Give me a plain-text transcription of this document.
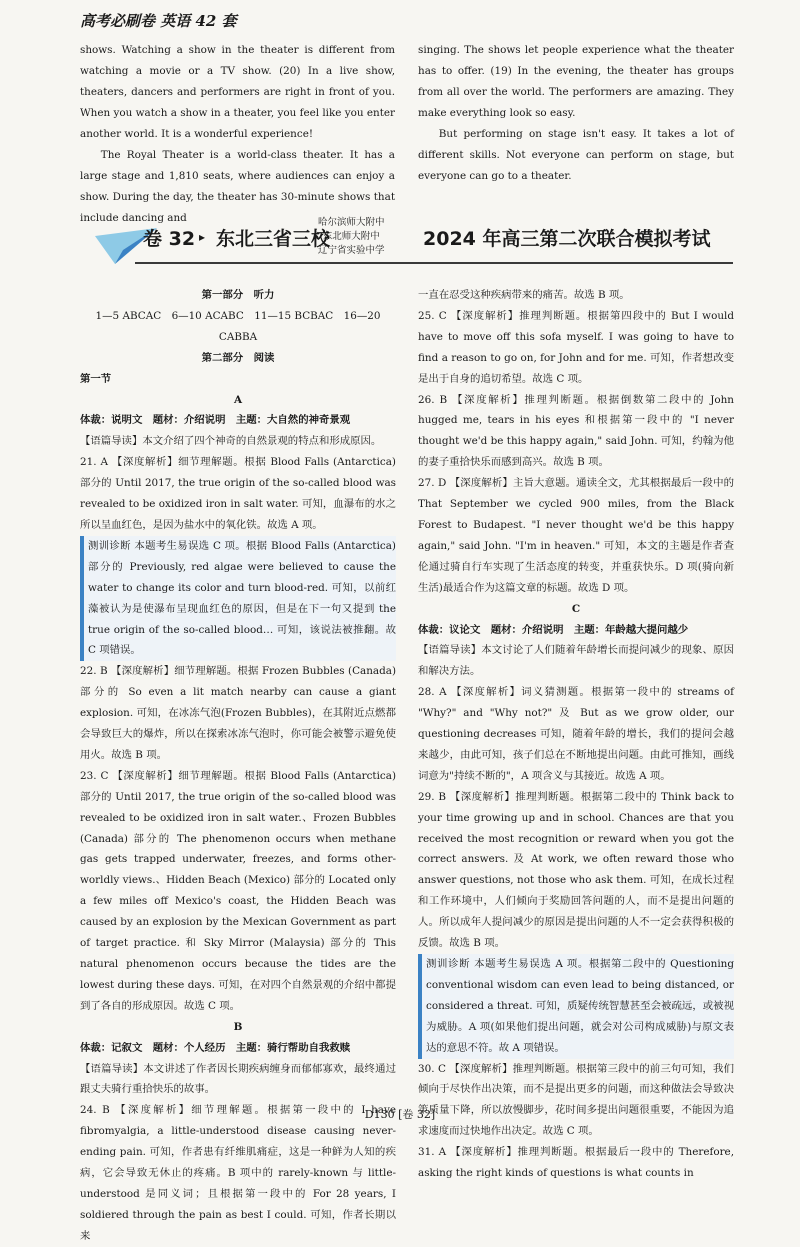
高考必刷卷 英语 42 套

shows. Watching a show in the theater is different from watching a movie or a TV show. (20) In a live show, theaters, dancers and performers are right in front of you. When you watch a show in a theater, you feel like you enter another world. It is a wonderful experience!

The Royal Theater is a world-class theater. It has a large stage and 1,810 seats, where audiences can enjoy a show. During the day, the theater has 30-minute shows that include dancing and

singing. The shows let people experience what the theater has to offer. (19) In the evening, the theater has groups from all over the world. The performers are amazing. They make everything look so easy.

But performing on stage isn't easy. It takes a lot of different skills. Not everyone can perform on stage, but everyone can go to a theater.

卷 32 ▸ 东北三省三校
哈尔滨师大附中
东北师大附中
辽宁省实验中学
2024 年高三第二次联合模拟考试

第一部分　听力

1—5 ABCAC　6—10 ACABC　11—15 BCBAC　16—20 CABBA

第二部分　阅读

第一节

A

体裁：说明文　题材：介绍说明　主题：大自然的神奇景观

【语篇导读】本文介绍了四个神奇的自然景观的特点和形成原因。

21. A 【深度解析】细节理解题。根据 Blood Falls (Antarctica) 部分的 Until 2017, the true origin of the so-called blood was revealed to be oxidized iron in salt water. 可知，血瀑布的水之所以呈血红色，是因为盐水中的氧化铁。故选 A 项。

测训诊断 本题考生易误选 C 项。根据 Blood Falls (Antarctica) 部分的 Previously, red algae were believed to cause the water to change its color and turn blood-red. 可知，以前红藻被认为是使瀑布呈现血红色的原因，但是在下一句又提到 the true origin of the so-called blood… 可知，该说法被推翻。故 C 项错误。

22. B 【深度解析】细节理解题。根据 Frozen Bubbles (Canada) 部分的 So even a lit match nearby can cause a giant explosion. 可知，在冰冻气泡(Frozen Bubbles)，在其附近点燃都会导致巨大的爆炸，所以在探索冰冻气泡时，你可能会被警示避免使用火。故选 B 项。

23. C 【深度解析】细节理解题。根据 Blood Falls (Antarctica) 部分的 Until 2017, the true origin of the so-called blood was revealed to be oxidized iron in salt water.、Frozen Bubbles (Canada) 部分的 The phenomenon occurs when methane gas gets trapped underwater, freezes, and forms other-worldly views.、Hidden Beach (Mexico) 部分的 Located only a few miles off Mexico's coast, the Hidden Beach was caused by an explosion by the Mexican Government as part of target practice. 和 Sky Mirror (Malaysia) 部分的 This natural phenomenon occurs because the tides are the lowest during these days. 可知，在对四个自然景观的介绍中都提到了各自的形成原因。故选 C 项。

B

体裁：记叙文　题材：个人经历　主题：骑行帮助自我救赎

【语篇导读】本文讲述了作者因长期疾病缠身而郁郁寡欢，最终通过跟丈夫骑行重拾快乐的故事。

24. B 【深度解析】细节理解题。根据第一段中的 I have fibromyalgia, a little-understood disease causing never-ending pain. 可知，作者患有纤维肌痛症，这是一种鲜为人知的疾病，它会导致无休止的疼痛。B 项中的 rarely-known 与 little-understood 是同义词；且根据第一段中的 For 28 years, I soldiered through the pain as best I could. 可知，作者长期以来

一直在忍受这种疾病带来的痛苦。故选 B 项。

25. C 【深度解析】推理判断题。根据第四段中的 But I would have to move off this sofa myself. I was going to have to find a reason to go on, for John and for me. 可知，作者想改变是出于自身的追切希望。故选 C 项。

26. B 【深度解析】推理判断题。根据倒数第二段中的 John hugged me, tears in his eyes 和根据第一段中的 "I never thought we'd be this happy again," said John. 可知，约翰为他的妻子重拾快乐而感到高兴。故选 B 项。

27. D 【深度解析】主旨大意题。通读全文，尤其根据最后一段中的 That September we cycled 900 miles, from the Black Forest to Budapest. "I never thought we'd be this happy again," said John. "I'm in heaven." 可知，本文的主题是作者查伦通过骑自行车实现了生活态度的转变，并重获快乐。D 项(骑向新生活)最适合作为这篇文章的标题。故选 D 项。

C

体裁：议论文　题材：介绍说明　主题：年龄越大提问越少

【语篇导读】本文讨论了人们随着年龄增长而提问减少的现象、原因和解决方法。

28. A 【深度解析】词义猜测题。根据第一段中的 streams of "Why?" and "Why not?" 及 But as we grow older, our questioning decreases 可知，随着年龄的增长，我们的提问会越来越少，由此可知，孩子们总在不断地提出问题。由此可推知，画线词意为"持续不断的"，A 项含义与其接近。故选 A 项。

29. B 【深度解析】推理判断题。根据第二段中的 Think back to your time growing up and in school. Chances are that you received the most recognition or reward when you got the correct answers. 及 At work, we often reward those who answer questions, not those who ask them. 可知，在成长过程和工作环境中，人们倾向于奖励回答问题的人，而不是提出问题的人。所以成年人提问减少的原因是提出问题的人不一定会获得积极的反馈。故选 B 项。

测训诊断 本题考生易误选 A 项。根据第二段中的 Questioning conventional wisdom can even lead to being distanced, or considered a threat. 可知，质疑传统智慧甚至会被疏远，或被视为威胁。A 项(如果他们提出问题，就会对公司构成威胁)与原文表达的意思不符。故 A 项错误。

30. C 【深度解析】推理判断题。根据第三段中的前三句可知，我们倾向于尽快作出决策，而不是提出更多的问题，而这种做法会导致决策质量下降，所以放慢脚步，花时间多提出问题很重要，不能因为追求速度而过快地作出决定。故选 C 项。

31. A 【深度解析】推理判断题。根据最后一段中的 Therefore, asking the right kinds of questions is what counts in

D130 [卷 32]
